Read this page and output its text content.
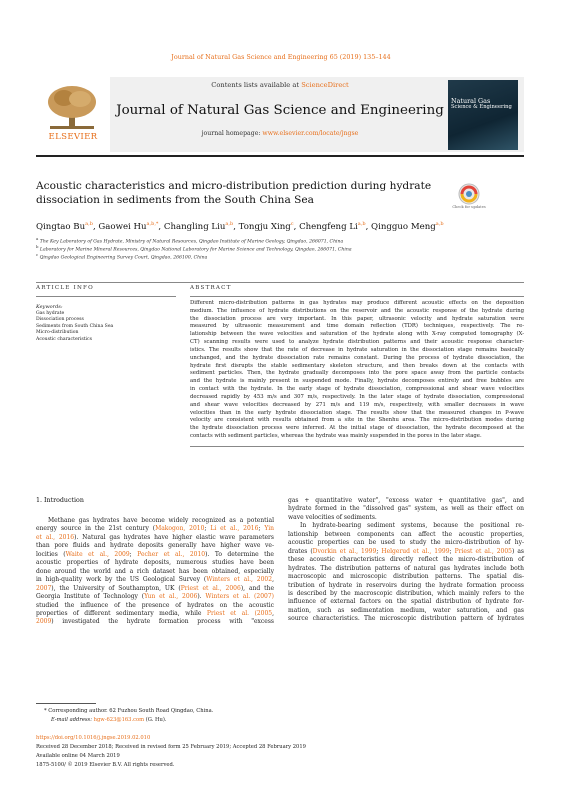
Journal of Natural Gas Science and Engineering 65 (2019) 135–144
ELSEVIER
Contents lists available at ScienceDirect
Journal of Natural Gas Science and Engineering
journal homepage: www.elsevier.com/locate/jngse
Natural Gas
Science & Engineering
Acoustic characteristics and micro-distribution prediction during hydrate dissociation in sediments from the South China Sea
Check for updates
Qingtao Bu$^{a,b}$, Gaowei $Hu^{a,b,*}$, Changling Liu$^{a,b}$, Tongju Xing$^c$, Chengfeng Li$^{a,b}$, Qingguo Meng$^{a,b}$
$^a$ The Key Laboratory of Gas Hydrate, Ministry of Natural Resources, Qingdao Institute of Marine Geology, Qingdao, 266071, China
$^b$ Laboratory for Marine Mineral Resources, Qingdao National Laboratory for Marine Science and Technology, Qingdao, 266071, China
$^c$ Qingdao Geological Engineering Survey Court, Qingdao, 266100, China
ARTICLE INFO	ABSTRACT
Keywords:
Gas hydrate
Dissociation process
Sediments from South China Sea
Micro-distribution
Acoustic characteristics
Different micro-distribution patterns in gas hydrates may produce different acoustic effects on the deposition
medium. The influence of hydrate distributions on the reservoir and the acoustic response of the hydrate during
the dissociation process are very important. In this paper, ultrasonic velocity and hydrate saturation were
measured by ultrasonic measurement and time domain reflection (TDR) techniques, respectively. The re-
lationship between the wave velocities and saturation of the hydrate along with X-ray computed tomography (X-
CT) scanning results were used to analyze hydrate distribution patterns and their acoustic response character-
istics. The results show that the rate of decrease in hydrate saturation in the dissociation stage remains basically
unchanged, and the hydrate dissociation rate remains constant. During the process of hydrate dissociation, the
hydrate first disrupts the stable sedimentary skeleton structure, and then breaks down at the contacts with
sediment particles. Then, the hydrate gradually decomposes into the pore space away from the particle contacts
and the hydrate is mainly present in suspended mode. Finally, hydrate decomposes entirely and free bubbles are
in contact with the hydrate. In the early stage of hydrate dissociation, compressional and shear wave velocities
decreased rapidly by 453 m/s and 307 m/s, respectively. In the later stage of hydrate dissociation, compressional
and shear wave velocities decreased by 271 m/s and 119 m/s, respectively, with smaller decreases in wave
velocities than in the early hydrate dissociation stage. The results show that the measured changes in P-wave
velocity are consistent with results obtained from a site in the Shenhu area. The micro-distribution modes during
the hydrate dissociation process were inferred. At the initial stage of dissociation, the hydrate decomposed at the
contacts with sediment particles, whereas the hydrate was mainly suspended in the pores in the later stage.
1. Introduction
Methane gas hydrates have become widely recognized as a potential
energy source in the 21st century (Makogon, 2010; Li et al., 2016; Yin
et al., 2016). Natural gas hydrates have higher elastic wave parameters
than pore fluids and hydrate deposits generally have higher wave ve-
locities (Waite et al., 2009; Pecher et al., 2010). To determine the
acoustic properties of hydrate deposits, numerous studies have been
done around the world and a rich dataset has been obtained, especially
in high-quality work by the US Geological Survey (Winters et al., 2002,
2007), the University of Southampton, UK (Priest et al., 2006), and the
Georgia Institute of Technology (Yun et al., 2006). Winters et al. (2007)
studied the influence of the presence of hydrates on the acoustic
properties of different sedimentary media, while Priest et al. (2005,
2009) investigated the hydrate formation process with "excess
gas + quantitative water", "excess water + quantitative gas", and
hydrate formed in the "dissolved gas" system, as well as their effect on
wave velocities of sediments.
In hydrate-bearing sediment systems, because the positional re-
lationship between components can affect the acoustic properties,
acoustic properties can be used to study the micro-distribution of hy-
drates (Dvorkin et al., 1999; Helgerud et al., 1999; Priest et al., 2005) as
these acoustic characteristics directly reflect the micro-distribution of
hydrates. The distribution patterns of natural gas hydrates include both
macroscopic and microscopic distribution patterns. The spatial dis-
tribution of hydrate in reservoirs during the hydrate formation process
is described by the macroscopic distribution, which mainly refers to the
influence of external factors on the spatial distribution of hydrate for-
mation, such as sedimentation medium, water saturation, and gas
source characteristics. The microscopic distribution pattern of hydrates
* Corresponding author. 62 Fuzhou South Road Qingdao, China.
E-mail address: hgw-623@163.com (G. Hu).
https://doi.org/10.1016/j.jngse.2019.02.010
Received 28 December 2018; Received in revised form 25 February 2019; Accepted 28 February 2019
Available online 04 March 2019
1875-5100/ © 2019 Elsevier B.V. All rights reserved.
